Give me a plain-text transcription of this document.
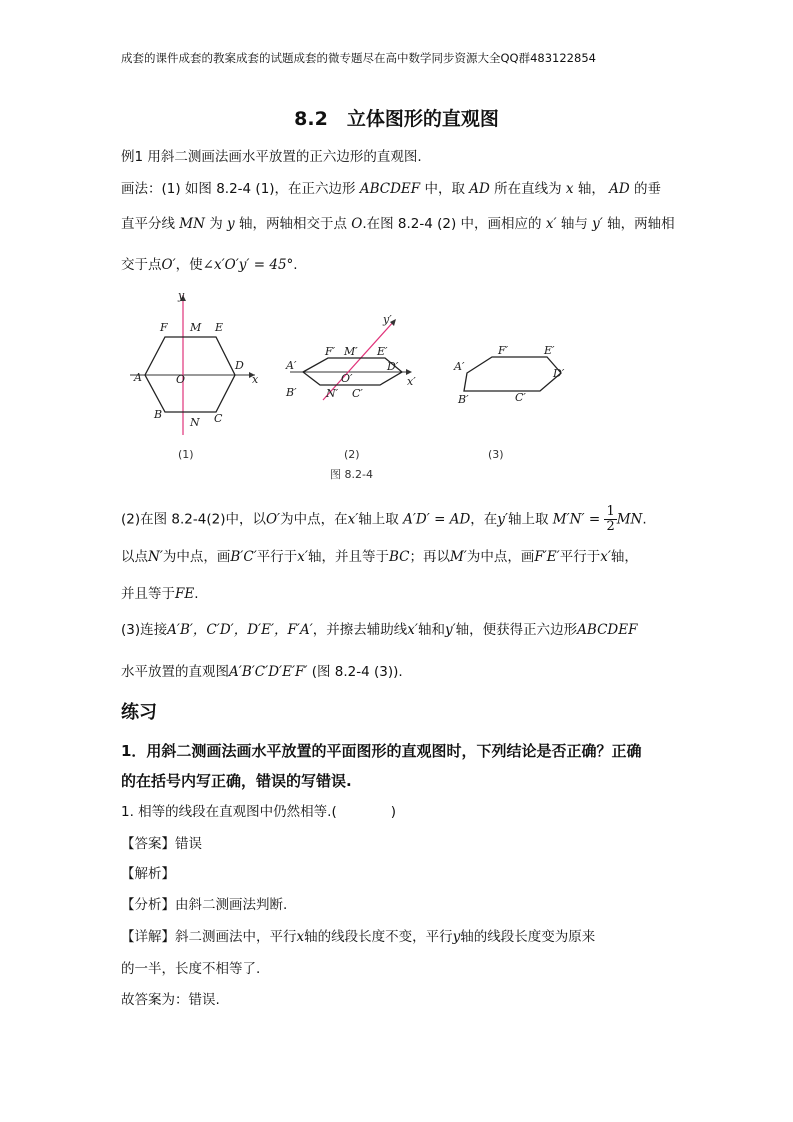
成套的课件成套的教案成套的试题成套的微专题尽在高中数学同步资源大全QQ群483122854
8.2　立体图形的直观图
例1 用斜二测画法画水平放置的正六边形的直观图.
画法：(1) 如图 8.2-4 (1)，在正六边形 ABCDEF 中，取 AD 所在直线为 x 轴， AD 的垂
直平分线 MN 为 y 轴，两轴相交于点 O.在图 8.2-4 (2) 中，画相应的 x′ 轴与 y′ 轴，两轴相
交于点O′，使∠x′O′y′ = 45°.
y
x
F M E
A	O
D
B
N C
(1)
y′
x′
A′
F′ M′ E′
D′
O′
B′	N′ C′
(2)
A′
F′	E′
D′
B′	C′
(3)
图 8.2-4
(2)在图 8.2-4(2)中，以O′为中点，在x′轴上取 A′D′ = AD，在y′轴上取 $M'N' = \frac{1}{2}$ MN.
以点N′为中点，画B′C′平行于x′轴，并且等于BC；再以M′为中点，画F′E′平行于x′轴，
并且等于FE.
(3)连接A′B′，C′D′，D′E′，F′A′，并擦去辅助线x′轴和y′轴，便获得正六边形ABCDEF
水平放置的直观图A′B′C′D′E′F′ (图 8.2-4 (3)).
练习
1．用斜二测画法画水平放置的平面图形的直观图时，下列结论是否正确？正确
的在括号内写正确，错误的写错误.
1. 相等的线段在直观图中仍然相等.(　　　　)
【答案】错误
【解析】
【分析】由斜二测画法判断.
【详解】斜二测画法中，平行x轴的线段长度不变，平行y轴的线段长度变为原来
的一半，长度不相等了.
故答案为：错误.
